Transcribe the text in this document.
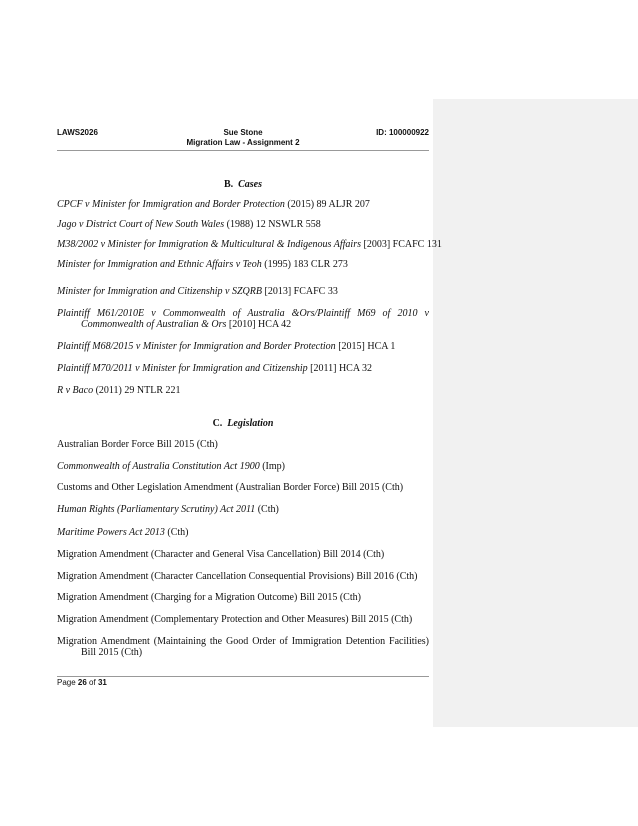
LAWS2026	Sue Stone
Migration Law - Assignment 2
ID: 100000922
B. Cases
CPCF v Minister for Immigration and Border Protection (2015) 89 ALJR 207
Jago v District Court of New South Wales (1988) 12 NSWLR 558
M38/2002 v Minister for Immigration & Multicultural & Indigenous Affairs [2003] FCAFC 131
Minister for Immigration and Ethnic Affairs v Teoh (1995) 183 CLR 273
Minister for Immigration and Citizenship v SZQRB [2013] FCAFC 33
Plaintiff M61/2010E v Commonwealth of Australia &Ors/Plaintiff M69 of 2010 v Commonwealth of Australian & Ors [2010] HCA 42
Plaintiff M68/2015 v Minister for Immigration and Border Protection [2015] HCA 1
Plaintiff M70/2011 v Minister for Immigration and Citizenship [2011] HCA 32
R v Baco (2011) 29 NTLR 221
C. Legislation
Australian Border Force Bill 2015 (Cth)
Commonwealth of Australia Constitution Act 1900 (Imp)
Customs and Other Legislation Amendment (Australian Border Force) Bill 2015 (Cth)
Human Rights (Parliamentary Scrutiny) Act 2011 (Cth)
Maritime Powers Act 2013 (Cth)
Migration Amendment (Character and General Visa Cancellation) Bill 2014 (Cth)
Migration Amendment (Character Cancellation Consequential Provisions) Bill 2016 (Cth)
Migration Amendment (Charging for a Migration Outcome) Bill 2015 (Cth)
Migration Amendment (Complementary Protection and Other Measures) Bill 2015 (Cth)
Migration Amendment (Maintaining the Good Order of Immigration Detention Facilities) Bill 2015 (Cth)
Page 26 of 31
